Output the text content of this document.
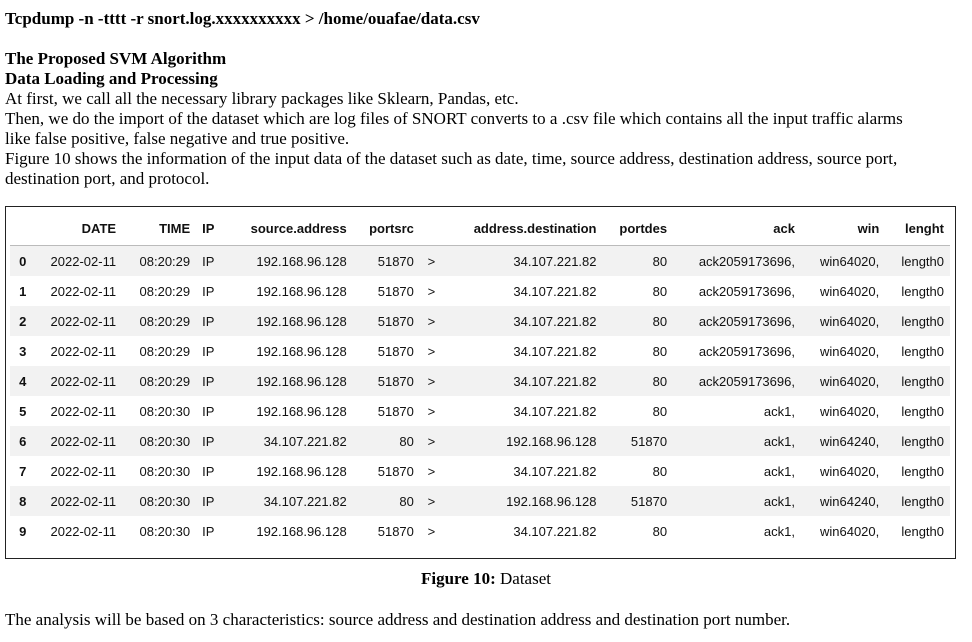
Tcpdump -n -tttt -r snort.log.xxxxxxxxxx > /home/ouafae/data.csv
The Proposed SVM Algorithm
Data Loading and Processing
At first, we call all the necessary library packages like Sklearn, Pandas, etc.
Then, we do the import of the dataset which are log files of SNORT converts to a .csv file which contains all the input traffic alarms
like false positive, false negative and true positive.
Figure 10 shows the information of the input data of the dataset such as date, time, source address, destination address, source port,
destination port, and protocol.
	DATE	TIME	IP	source.address	portsrc		address.destination	portdes	ack	win	lenght
0	2022-02-11	08:20:29	IP	192.168.96.128	51870	>	34.107.221.82	80	ack2059173696,	win64020,	length0
1	2022-02-11	08:20:29	IP	192.168.96.128	51870	>	34.107.221.82	80	ack2059173696,	win64020,	length0
2	2022-02-11	08:20:29	IP	192.168.96.128	51870	>	34.107.221.82	80	ack2059173696,	win64020,	length0
3	2022-02-11	08:20:29	IP	192.168.96.128	51870	>	34.107.221.82	80	ack2059173696,	win64020,	length0
4	2022-02-11	08:20:29	IP	192.168.96.128	51870	>	34.107.221.82	80	ack2059173696,	win64020,	length0
5	2022-02-11	08:20:30	IP	192.168.96.128	51870	>	34.107.221.82	80	ack1,	win64020,	length0
6	2022-02-11	08:20:30	IP	34.107.221.82	80	>	192.168.96.128	51870	ack1,	win64240,	length0
7	2022-02-11	08:20:30	IP	192.168.96.128	51870	>	34.107.221.82	80	ack1,	win64020,	length0
8	2022-02-11	08:20:30	IP	34.107.221.82	80	>	192.168.96.128	51870	ack1,	win64240,	length0
9	2022-02-11	08:20:30	IP	192.168.96.128	51870	>	34.107.221.82	80	ack1,	win64020,	length0
Figure 10: Dataset
The analysis will be based on 3 characteristics: source address and destination address and destination port number.
